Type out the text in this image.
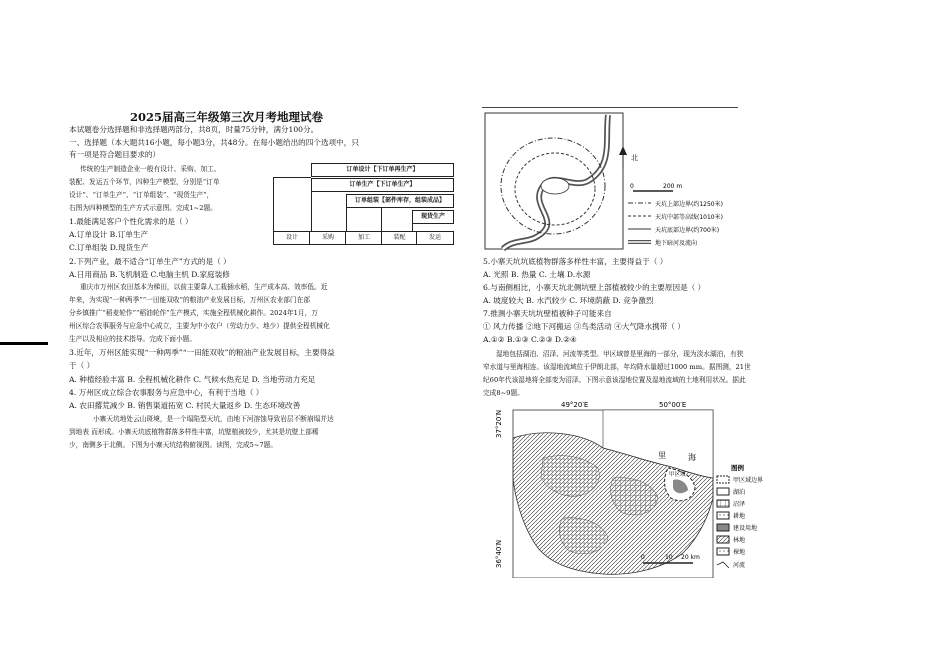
2025届高三年级第三次月考地理试卷
本试题卷分选择题和非选择题两部分，共8页，时量75分钟，满分100分。
一、选择题（本大题共16小题，每小题3分，共48分。在每小题给出的四个选项中，只
有一项是符合题目要求的）
传统的生产制造企业一般有设计、采购、加工、
装配、发运五个环节，四种生产模型，分别是“订单
设计”、“订单生产”、“订单组装”、“现货生产”，
右图为四种模型的生产方式示意图。完成1~2题。
1.最能满足客户个性化需求的是（ ）
A.订单设计 B.订单生产
C.订单组装 D.现货生产
2.下列产业，最不适合“订单生产”方式的是（ ）
A.日用商品 B.飞机制造 C.电脑主机 D.家庭装修
重庆市万州区农田基本为梯田，以前主要靠人工栽插水稻，生产成本高、效率低。近
年来，为实现“一种两季”“一田能双收”的粮油产业发展目标，万州区农业部门在部
分乡镇推广“稻麦轮作”“稻油轮作”生产模式，实施全程机械化耕作。2024年1月，万
州区综合农事服务与应急中心成立，主要为中小农户（劳动力少、地少）提供全程机械化
生产以及相应的技术指导。完成下面小题。
3.近年，万州区能实现“一种两季”“一田能双收”的粮油产业发展目标，主要得益
于（ ）
A. 种植经验丰富 B. 全程机械化耕作 C. 气候水热充足 D. 当地劳动力充足
4. 万州区成立综合农事服务与应急中心，有利于当地（ ）
A. 农田撂荒减少 B. 销售渠道拓宽 C. 村民大量返乡 D. 生态环境改善
小寨天坑地处云山斑境，是一个塌陷型天坑，由地下河溶蚀导致岩层不断崩塌并达
到地表 而形成。小寨天坑底植物群落多样性丰富，坑壁植被较少，尤其是坑壁上部稀
少，南侧多于北侧。下图为小寨天坑结构俯视图。读图，完成5~7题。
订单设计【下订单再生产】
订单生产【下订单生产】
订单组装【部件库存，组装成品】
现货生产
设计	采购	加工	装配	发运
北
0	200 m
天坑上部边界(约1250米)
天坑中部等高线(1010米)
天坑底部边界(约700米)
地下暗河及流向
5.小寨天坑坑底植物群落多样性丰富，主要得益于（ ）
A. 光照 B. 热量 C. 土壤 D.水源
6.与南侧相比，小寨天坑北侧坑壁上部植被较少的主要原因是（ ）
A. 坡度较大 B. 水汽较少 C. 环境荫蔽 D. 竞争激烈
7.推测小寨天坑坑壁植被种子可能来自
① 风力传播 ②地下河搬运 ③鸟类活动 ④大气降水携带（ ）
A.①② B.①③ C.②③ D.②④
湿地包括湖泊、沼泽、河流等类型。甲区域曾是里海的一部分，现为淡水湖泊，有狭
窄水道与里海相连。该湿地流域位于伊朗北部，年均降水量超过1000 mm。据图测，21世
纪60年代该湿地将全部变为沼泽。下图示意该湿地位置及湿地流域的土地利用状况。据此
完成8~9题。
49°20′E	50°00′E
37°20′N
36°40′N
里	海
甲区域
0	10 20 km
图例
甲区域边界
湖泊
沼泽
耕地
建设用地
林地
裸地
河流
